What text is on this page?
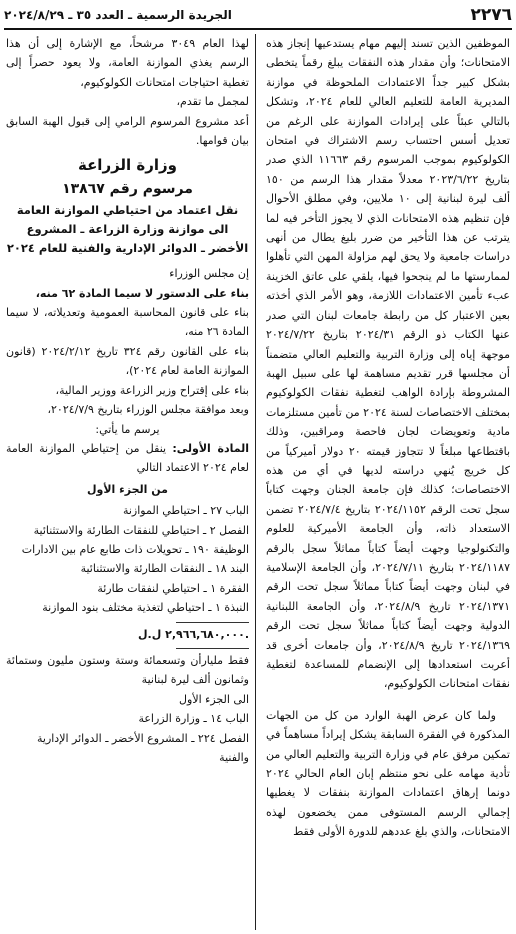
٢٢٧٦
الجريدة الرسمية ـ العدد ٣٥ ـ ٢٠٢٤/٨/٢٩

الموظفين الذين تسند إليهم مهام يستدعيها إنجاز هذه الامتحانات؛ وأن مقدار هذه النفقات يبلغ رقماً يتخطى بشكل كبير جداً الاعتمادات الملحوظة في موازنة المديرية العامة للتعليم العالي للعام ٢٠٢٤، وتشكل بالتالي عبئاً على إيرادات الموازنة على الرغم من تعديل أسس احتساب رسم الاشتراك في امتحان الكولوكيوم بموجب المرسوم رقم ١١٦٦٣ الذي صدر بتاريخ ٢٠٢٣/٦/٢٢ معدلاً مقدار هذا الرسم من ١٥٠ ألف ليرة لبنانية إلى ١٠ ملايين، وفي مطلق الأحوال فإن تنظيم هذه الامتحانات الذي لا يجوز التأخر فيه لما يترتب عن هذا التأخير من ضرر بليغ يطال من أنهى دراسات جامعية ولا يحق لهم مزاولة المهن التي تأهلوا لممارستها ما لم ينجحوا فيها، يلقي على عاتق الخزينة عبء تأمين الاعتمادات اللازمة، وهو الأمر الذي أخذته بعين الاعتبار كل من رابطة جامعات لبنان التي صدر عنها الكتاب ذو الرقم ٢٠٢٤/٣١ بتاريخ ٢٠٢٤/٧/٢٢ موجهة إياه إلى وزارة التربية والتعليم العالي متضمناً أن مجلسها قرر تقديم مساهمة لها على سبيل الهبة المشروطة بإرادة الواهب لتغطية نفقات الكولوكيوم بمختلف الاختصاصات لسنة ٢٠٢٤ من تأمين مستلزمات مادية وتعويضات لجان فاحصة ومراقبين، وذلك باقتطاعها مبلغاً لا تتجاوز قيمته ٢٠ دولار أميركياً من كل خريج يُنهي دراسته لديها في أي من هذه الاختصاصات؛ كذلك فإن جامعة الجنان وجهت كتاباً سجل تحت الرقم ٢٠٢٤/١١٥٢ بتاريخ ٢٠٢٤/٧/٤ تضمن الاستعداد ذاته، وأن الجامعة الأميركية للعلوم والتكنولوجيا وجهت أيضاً كتاباً مماثلاً سجل بالرقم ٢٠٢٤/١١٨٧ بتاريخ ٢٠٢٤/٧/١١، وأن الجامعة الإسلامية في لبنان وجهت أيضاً كتاباً مماثلاً سجل تحت الرقم ٢٠٢٤/١٣٧١ تاريخ ٢٠٢٤/٨/٩، وأن الجامعة اللبنانية الدولية وجهت أيضاً كتاباً مماثلاً سجل تحت الرقم ٢٠٢٤/١٣٦٩ تاريخ ٢٠٢٤/٨/٩، وأن جامعات أخرى قد أعربت استعدادها إلى الإنضمام للمساعدة لتغطية نفقات امتحانات الكولوكيوم،

ولما كان عرض الهبة الوارد من كل من الجهات المذكورة في الفقرة السابقة يشكل إيراداً مساهماً في تمكين مرفق عام في وزارة التربية والتعليم العالي من تأدية مهامه على نحو منتظم إبان العام الحالي ٢٠٢٤ دونما إرهاق اعتمادات الموازنة بنفقات لا يغطيها إجمالي الرسم المستوفى ممن يخضعون لهذه الامتحانات، والذي بلغ عددهم للدورة الأولى فقط

لهذا العام ٣٠٤٩ مرشحاً، مع الإشارة إلى أن هذا الرسم يغذي الموازنة العامة، ولا يعود حصراً إلى تغطية احتياجات امتحانات الكولوكيوم،

لمجمل ما تقدم،

أعد مشروع المرسوم الرامي إلى قبول الهبة السابق بيان قوامها.

وزارة الزراعة
مرسوم رقم ١٣٨٦٧
نقل اعتماد من احتياطي الموازنة العامة الى موازنة وزارة الزراعة ـ المشروع الأخضر ـ الدوائر الإدارية والفنية للعام ٢٠٢٤

إن مجلس الوزراء

بناء على الدستور لا سيما المادة ٦٢ منه،

بناء على قانون المحاسبة العمومية وتعديلاته، لا سيما المادة ٢٦ منه،

بناء على القانون رقم ٣٢٤ تاريخ ٢٠٢٤/٢/١٢ (قانون الموازنة العامة لعام ٢٠٢٤)،

بناء على إقتراح وزير الزراعة ووزير المالية،

وبعد موافقة مجلس الوزراء بتاريخ ٢٠٢٤/٧/٩،

يرسم ما يأتي:

المادة الأولى: ينقل من إحتياطي الموازنة العامة لعام ٢٠٢٤ الاعتماد التالي

من الجزء الأول

الباب ٢٧ ـ احتياطي الموازنة

الفصل ٢ ـ احتياطي للنفقات الطارئة والاستثنائية

الوظيفة ١٩٠ ـ تحويلات ذات طابع عام بين الادارات

البند ١٨ ـ النفقات الطارئة والاستثنائية

الفقرة ١ ـ احتياطي لنفقات طارئة

النبذة ١ ـ احتياطي لتغذية مختلف بنود الموازنة

٢,٩٦٦,٦٨٠,٠٠٠ ل.ل.

فقط مليارأن وتسعمائة وستة وستون مليون وستمائة وثمانون ألف ليرة لبنانية

الى الجزء الأول

الباب ١٤ ـ وزارة الزراعة

الفصل ٢٢٤ ـ المشروع الأخضر ـ الدوائر الإدارية والفنية
